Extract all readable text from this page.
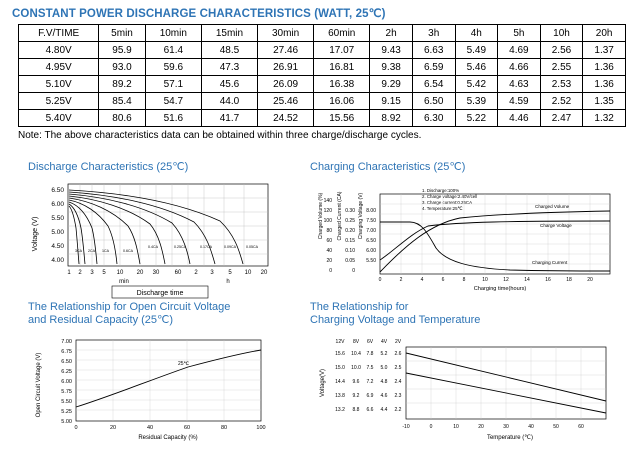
CONSTANT POWER DISCHARGE CHARACTERISTICS (WATT, 25℃)
F.V/TIME	5min	10min	15min	30min	60min	2h	3h	4h	5h	10h	20h
4.80V	95.9	61.4	48.5	27.46	17.07	9.43	6.63	5.49	4.69	2.56	1.37
4.95V	93.0	59.6	47.3	26.91	16.81	9.38	6.59	5.46	4.66	2.55	1.36
5.10V	89.2	57.1	45.6	26.09	16.38	9.29	6.54	5.42	4.63	2.53	1.36
5.25V	85.4	54.7	44.0	25.46	16.06	9.15	6.50	5.39	4.59	2.52	1.35
5.40V	80.6	51.6	41.7	24.52	15.56	8.92	6.30	5.22	4.46	2.47	1.32
Note: The above characteristics data can be obtained within three charge/discharge cycles.
Discharge Characteristics (25℃)
Voltage (V)
6.50
6.00
5.50
5.00
4.50
4.00
3CA 2CA 1CA	0.6CA
0.4CA	0.25CA	0.17CA	0.09CA	0.05CA
1 2 3 5 10 20 30	60 2 3 5 10 20
min	h
Discharge time
Charging Characteristics (25℃)
Charged Volume (%)	Charged Current (CA)	Charging Voltage (V)
1. Discharge:100%
2. Charge voltage:2.40V/cell
3. Charge current:0.25CA
4. Temperature:25℃
140
120
100
80
60
40
20
0
0.30
0.25
0.20
0.15
0.10
0.05
0
8.00
7.50
7.00
6.50
6.00
5.50
Charged Volume
Charge Voltage
Charging Current
0	2	4	6	8	10	12	14	16	18	20
Charging time(hours)
The Relationship for Open Circuit Voltage
and Residual Capacity (25℃)
Open Circuit Voltage (V)
7.00
6.75
6.50
6.25
6.00
5.75
5.50
5.25
5.00
25℃
0	20	40	60	80	100
Residual Capacity (%)
The Relationship for
Charging Voltage and Temperature
Voltage(V)
12V 8V 6V 4V 2V
15.6 10.4 7.8 5.2 2.6
15.0 10.0 7.5 5.0 2.5
14.4 9.6 7.2 4.8 2.4
13.8 9.2 6.9 4.6 2.3
13.2 8.8 6.6 4.4 2.2
-10	0	10	20	30	40	50	60
Temperature (℃)
